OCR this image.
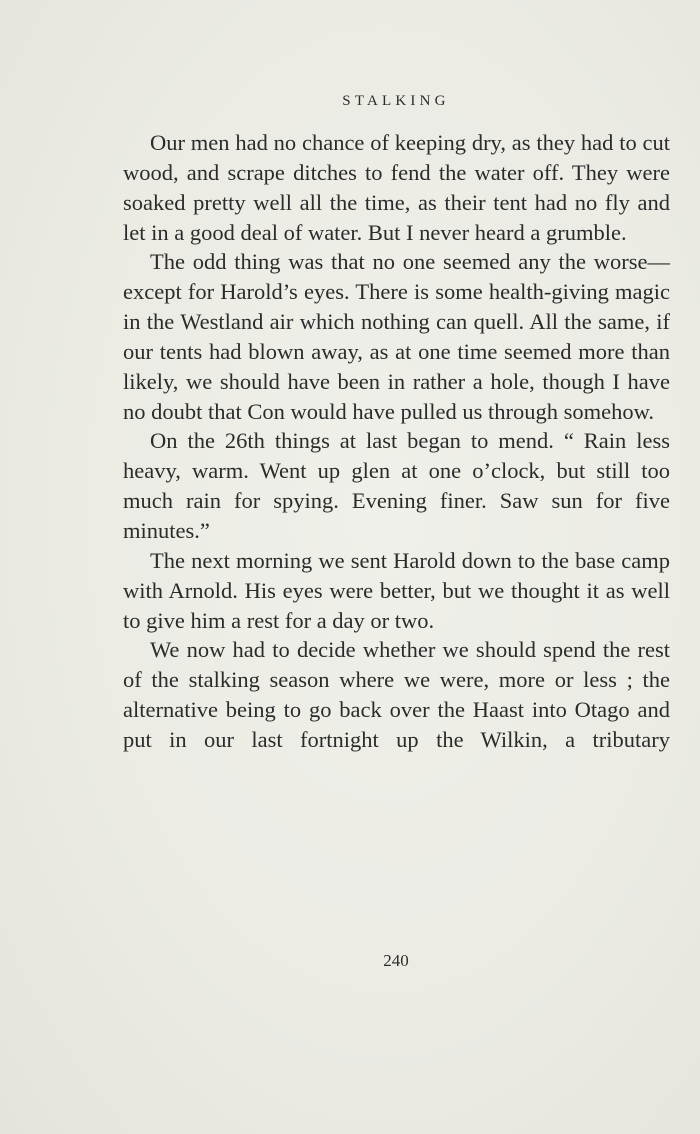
STALKING

Our men had no chance of keeping dry, as they had to cut wood, and scrape ditches to fend the water off. They were soaked pretty well all the time, as their tent had no fly and let in a good deal of water. But I never heard a grumble.

The odd thing was that no one seemed any the worse—except for Harold’s eyes. There is some health-giving magic in the Westland air which nothing can quell. All the same, if our tents had blown away, as at one time seemed more than likely, we should have been in rather a hole, though I have no doubt that Con would have pulled us through somehow.

On the 26th things at last began to mend. “ Rain less heavy, warm. Went up glen at one o’clock, but still too much rain for spying. Evening finer. Saw sun for five minutes.”

The next morning we sent Harold down to the base camp with Arnold. His eyes were better, but we thought it as well to give him a rest for a day or two.

We now had to decide whether we should spend the rest of the stalking season where we were, more or less ; the alternative being to go back over the Haast into Otago and put in our last fortnight up the Wilkin, a tributary

240
